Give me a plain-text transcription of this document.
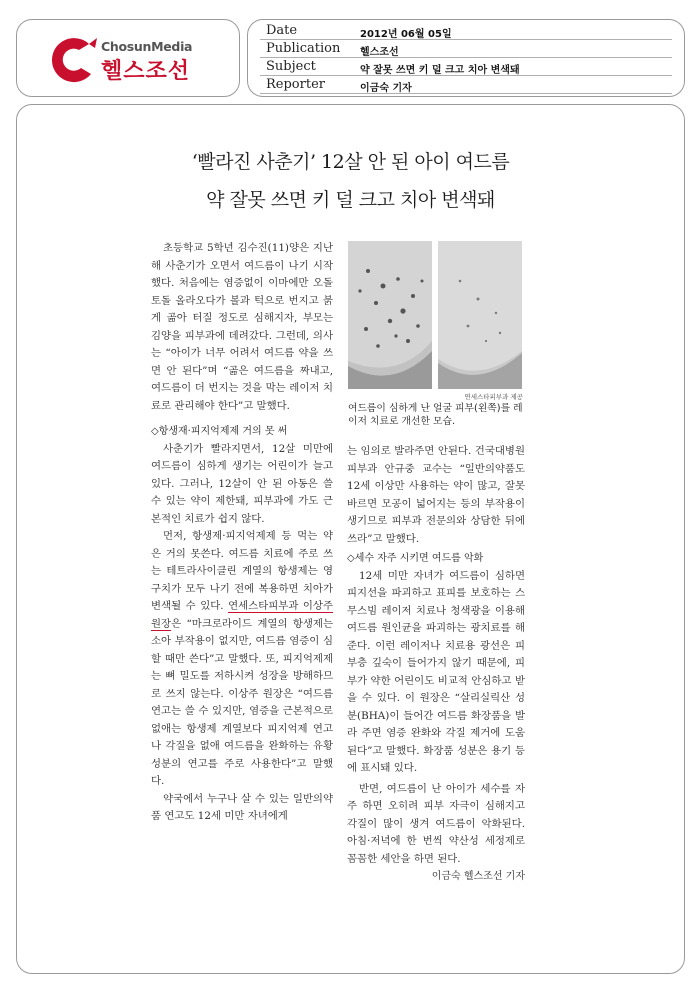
ChosunMedia
헬스조선
Date	2012년 06월 05일
Publication 헬스조선
Subject	약 잘못 쓰면 키 덜 크고 치아 변색돼
Reporter	이금숙 기자
‘빨라진 사춘기’ 12살 안 된 아이 여드름
약 잘못 쓰면 키 덜 크고 치아 변색돼

초등학교 5학년 김수진(11)양은 지난해 사춘기가 오면서 여드름이 나기 시작했다. 처음에는 염증없이 이마에만 오돌토돌 올라오다가 볼과 턱으로 번지고 붉게 곪아 터질 정도로 심해지자, 부모는 김양을 피부과에 데려갔다. 그런데, 의사는 “아이가 너무 어려서 여드름 약을 쓰면 안 된다”며 “곪은 여드름을 짜내고, 여드름이 더 번지는 것을 막는 레이저 치료로 관리해야 한다”고 말했다.

◇항생재·피지억제제 거의 못 써

사춘기가 빨라지면서, 12살 미만에 여드름이 심하게 생기는 어린이가 늘고 있다. 그러나, 12살이 안 된 아동은 쓸 수 있는 약이 제한돼, 피부과에 가도 근본적인 치료가 쉽지 않다.

먼저, 항생제·피지억제제 등 먹는 약은 거의 못쓴다. 여드름 치료에 주로 쓰는 테트라사이클린 계열의 항생제는 영구치가 모두 나기 전에 복용하면 치아가 변색될 수 있다. 연세스타피부과 이상주 원장은 “마크로라이드 계열의 항생제는 소아 부작용이 없지만, 여드름 염증이 심할 때만 쓴다”고 말했다. 또, 피지억제제는 뼈 밀도를 저하시켜 성장을 방해하므로 쓰지 않는다. 이상주 원장은 “여드름 연고는 쓸 수 있지만, 염증을 근본적으로 없애는 항생제 계열보다 피지억제 연고나 각질을 없애 여드름을 완화하는 유황성분의 연고를 주로 사용한다”고 말했다.

약국에서 누구나 살 수 있는 일반의약품 연고도 12세 미만 자녀에게

연세스타피부과 제공
여드름이 심하게 난 얼굴 피부(왼쪽)를 레이저 치료로 개선한 모습.

는 임의로 발라주면 안된다. 건국대병원 피부과 안규중 교수는 “일반의약품도 12세 이상만 사용하는 약이 많고, 잘못 바르면 모공이 넓어지는 등의 부작용이 생기므로 피부과 전문의와 상담한 뒤에 쓰라”고 말했다.

◇세수 자주 시키면 여드름 악화

12세 미만 자녀가 여드름이 심하면 피지선을 파괴하고 표피를 보호하는 스무스빔 레이저 치료나 청색광을 이용해 여드름 원인균을 파괴하는 광치료를 해 준다. 이런 레이저나 치료용 광선은 피부층 깊숙이 들어가지 않기 때문에, 피부가 약한 어린이도 비교적 안심하고 받을 수 있다. 이 원장은 “살리실릭산 성분(BHA)이 들어간 여드름 화장품을 발라 주면 염증 완화와 각질 제거에 도움된다”고 말했다. 화장품 성분은 용기 등에 표시돼 있다.

반면, 여드름이 난 아이가 세수를 자주 하면 오히려 피부 자극이 심해지고 각질이 많이 생겨 여드름이 악화된다. 아침·저녁에 한 번씩 약산성 세정제로 꼼꼼한 세안을 하면 된다.

이금숙 헬스조선 기자
